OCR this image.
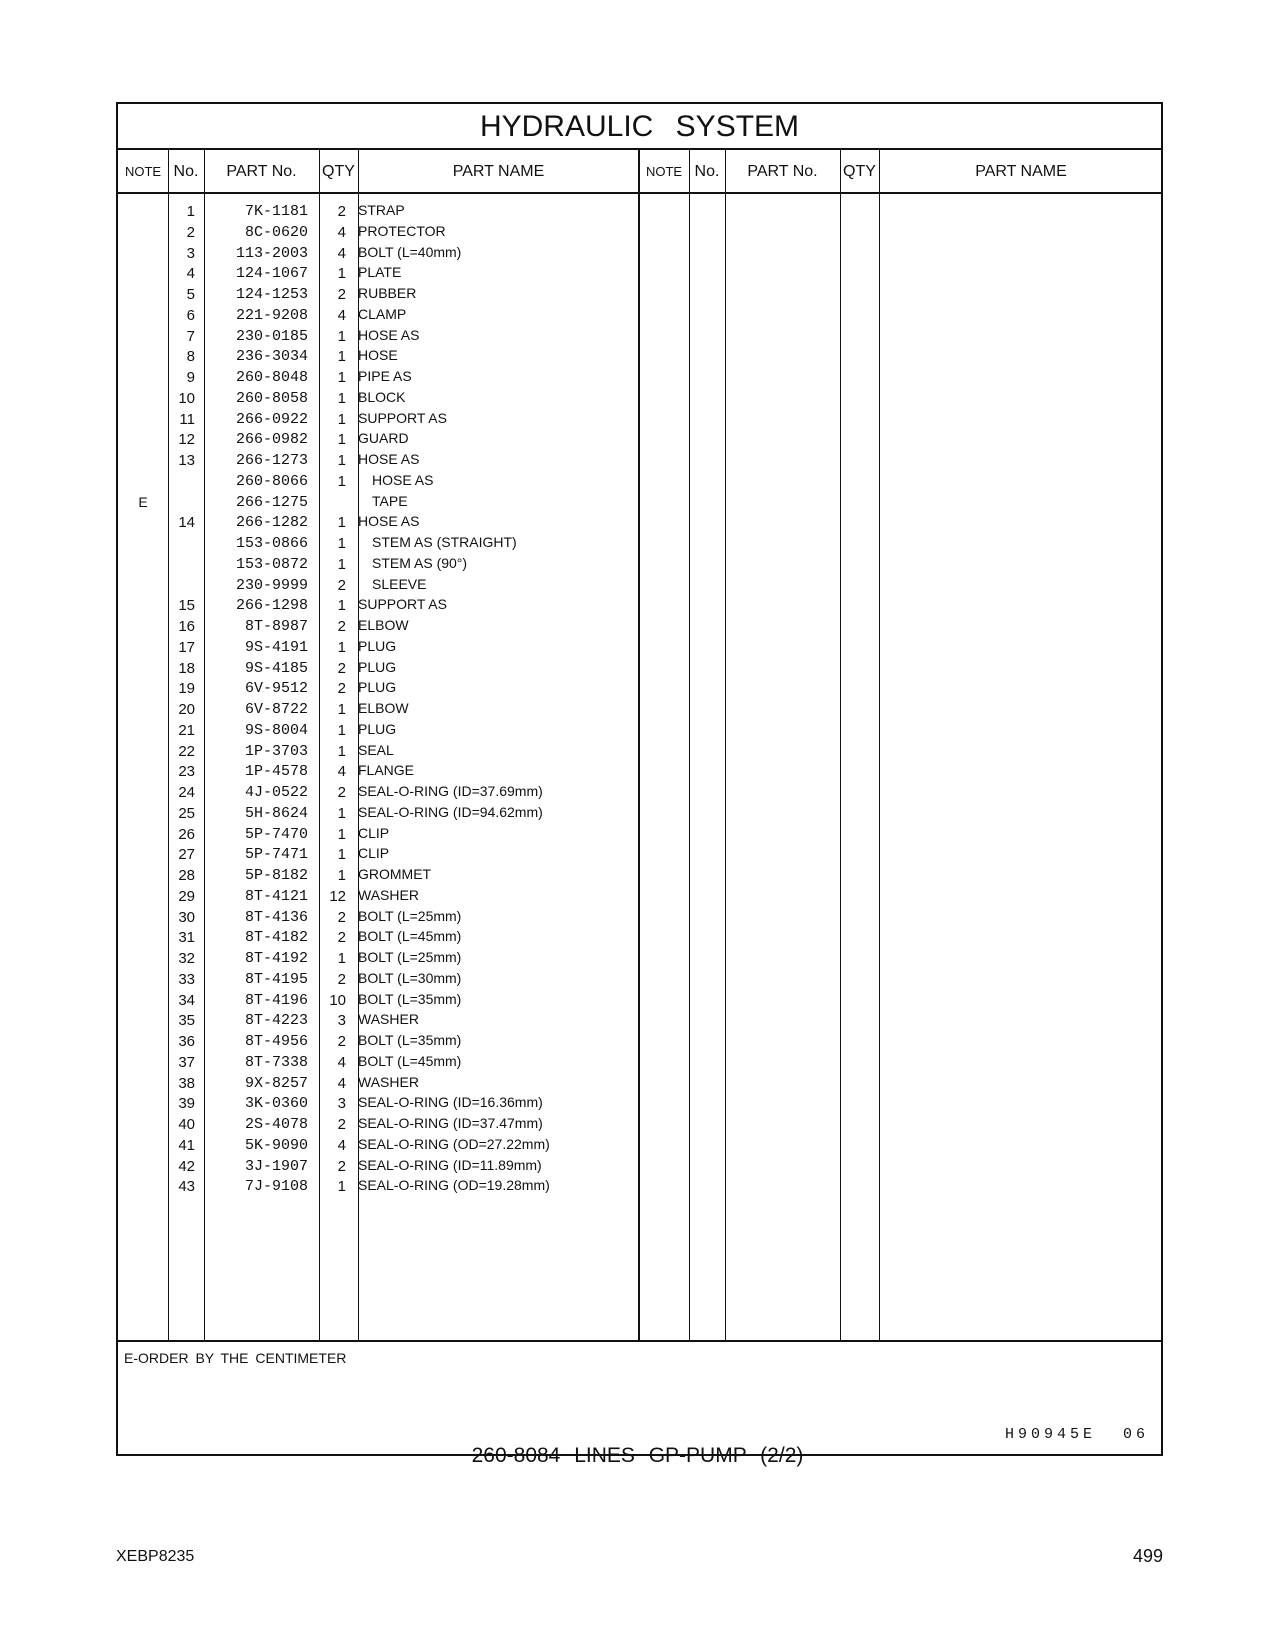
HYDRAULIC SYSTEM
NOTE No.	PART No.	QTY	PART NAME	NOTE No.	PART No.	QTY	PART NAME
1	7K-1181	2 STRAP
2	8C-0620	4 PROTECTOR
3	113-2003	4 BOLT (L=40mm)
4	124-1067	1 PLATE
5	124-1253	2 RUBBER
6	221-9208	4 CLAMP
7	230-0185	1 HOSE AS
8	236-3034	1 HOSE
9	260-8048	1 PIPE AS
10	260-8058	1 BLOCK
11	266-0922	1 SUPPORT AS
12	266-0982	1 GUARD
13	266-1273	1 HOSE AS
260-8066	1 HOSE AS
E	266-1275	TAPE
14	266-1282	1 HOSE AS
153-0866	1 STEM AS (STRAIGHT)
153-0872	1 STEM AS (90°)
230-9999	2 SLEEVE
15	266-1298	1 SUPPORT AS
16	8T-8987	2 ELBOW
17	9S-4191	1 PLUG
18	9S-4185	2 PLUG
19	6V-9512	2 PLUG
20	6V-8722	1 ELBOW
21	9S-8004	1 PLUG
22	1P-3703	1 SEAL
23	1P-4578	4 FLANGE
24	4J-0522	2 SEAL-O-RING (ID=37.69mm)
25	5H-8624	1 SEAL-O-RING (ID=94.62mm)
26	5P-7470	1 CLIP
27	5P-7471	1 CLIP
28	5P-8182	1 GROMMET
29	8T-4121	12 WASHER
30	8T-4136	2 BOLT (L=25mm)
31	8T-4182	2 BOLT (L=45mm)
32	8T-4192	1 BOLT (L=25mm)
33	8T-4195	2 BOLT (L=30mm)
34	8T-4196	10 BOLT (L=35mm)
35	8T-4223	3 WASHER
36	8T-4956	2 BOLT (L=35mm)
37	8T-7338	4 BOLT (L=45mm)
38	9X-8257	4 WASHER
39	3K-0360	3 SEAL-O-RING (ID=16.36mm)
40	2S-4078	2 SEAL-O-RING (ID=37.47mm)
41	5K-9090	4 SEAL-O-RING (OD=27.22mm)
42	3J-1907	2 SEAL-O-RING (ID=11.89mm)
43	7J-9108	1 SEAL-O-RING (OD=19.28mm)
E-ORDER BY THE CENTIMETER
H90945E 06
260-8084 LINES GP-PUMP (2/2)
XEBP8235	499
